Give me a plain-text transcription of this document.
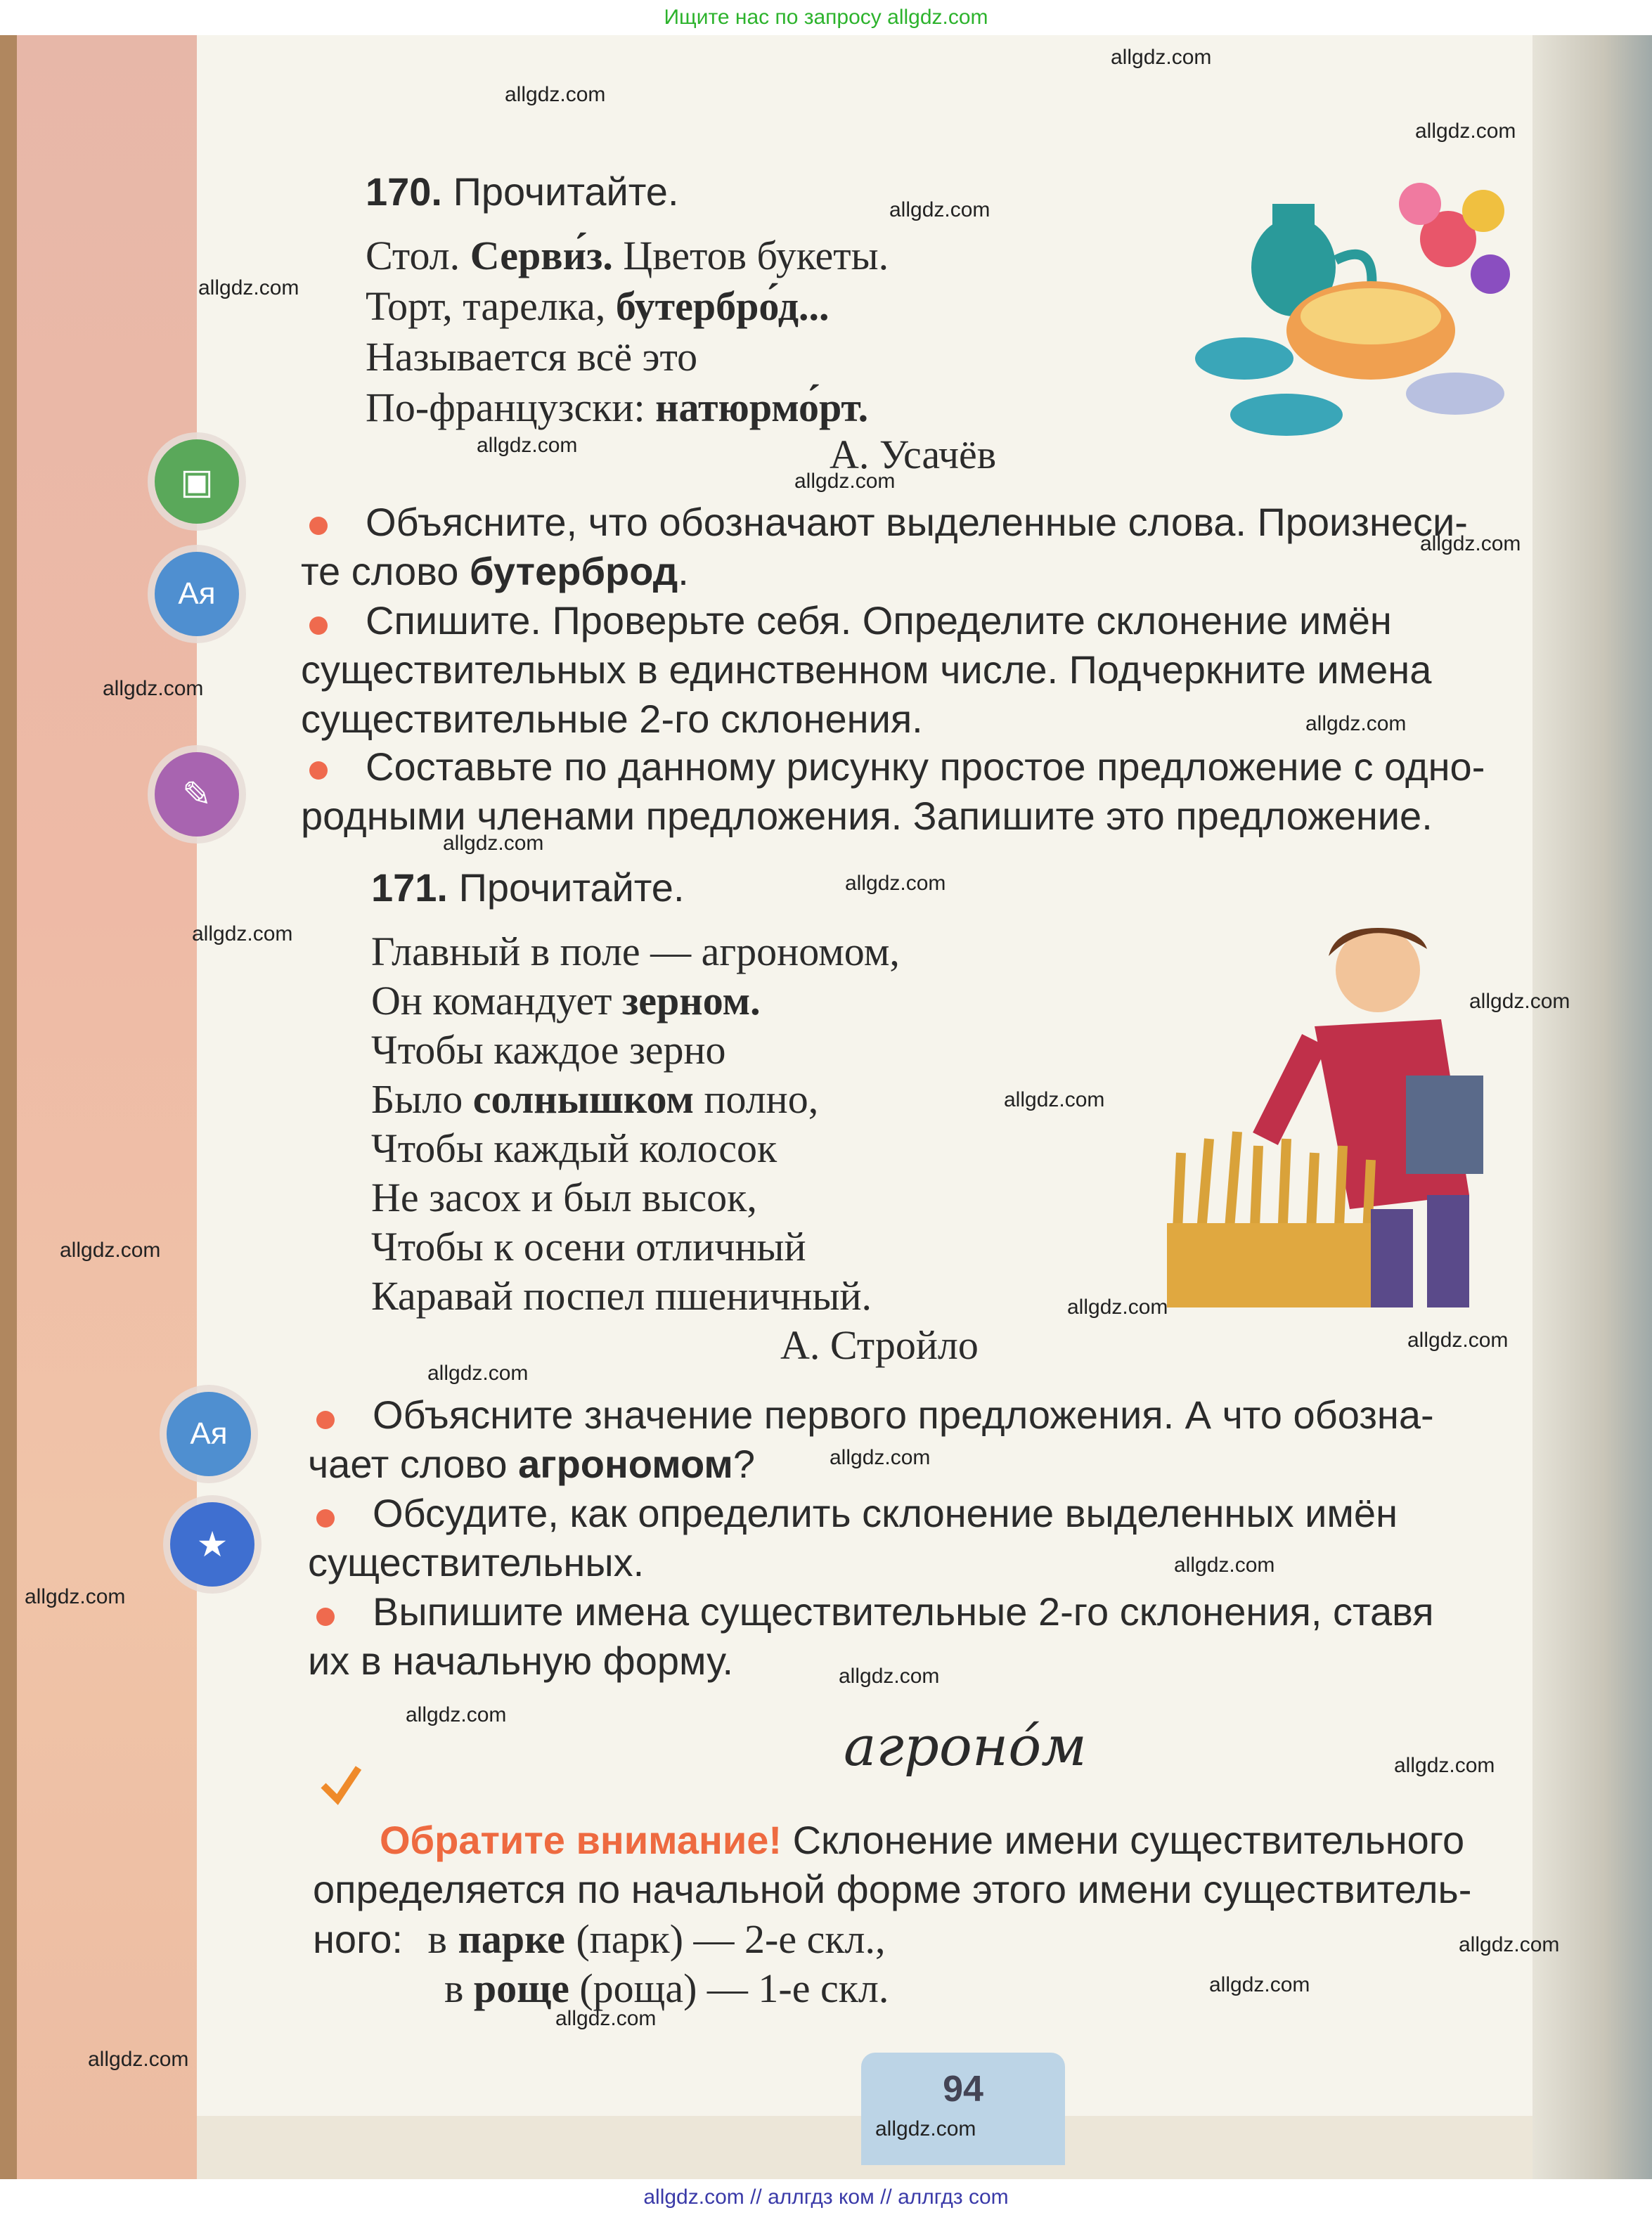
Ищите нас по запросу allgdz.com
▣
Aᴙ
✎
Aᴙ
★
170. Прочитайте.
Стол. Серви́з. Цветов букеты.
Торт, тарелка, бутербро́д...
Называется всё это
По-французски: натюрмо́рт.
А. Усачёв
Объясните, что обозначают выделенные слова. Произнеси-
те слово бутерброд.
Спишите. Проверьте себя. Определите склонение имён
существительных в единственном числе. Подчеркните имена
существительные 2-го склонения.
Составьте по данному рисунку простое предложение с одно-
родными членами предложения. Запишите это предложение.
171. Прочитайте.
Главный в поле — агрономом,
Он командует зерном.
Чтобы каждое зерно
Было солнышком полно,
Чтобы каждый колосок
Не засох и был высок,
Чтобы к осени отличный
Каравай поспел пшеничный.
А. Стройло
Объясните значение первого предложения. А что обозна-
чает слово агрономом?
Обсудите, как определить склонение выделенных имён
существительных.
Выпишите имена существительные 2-го склонения, ставя
их в начальную форму.
агроно́м
Обратите внимание! Склонение имени существительного
определяется по начальной форме этого имени существитель-
ного: в парке (парк) — 2-е скл.,
в роще (роща) — 1-е скл.
94
allgdz.com
allgdz.com
allgdz.com
allgdz.com
allgdz.com
allgdz.com
allgdz.com
allgdz.com
allgdz.com
allgdz.com
allgdz.com
allgdz.com
allgdz.com
allgdz.com
allgdz.com
allgdz.com
allgdz.com
allgdz.com
allgdz.com
allgdz.com
allgdz.com
allgdz.com
allgdz.com
allgdz.com
allgdz.com
allgdz.com
allgdz.com
allgdz.com
allgdz.com
allgdz.com
allgdz.com // аллгдз ком // аллгдз com
